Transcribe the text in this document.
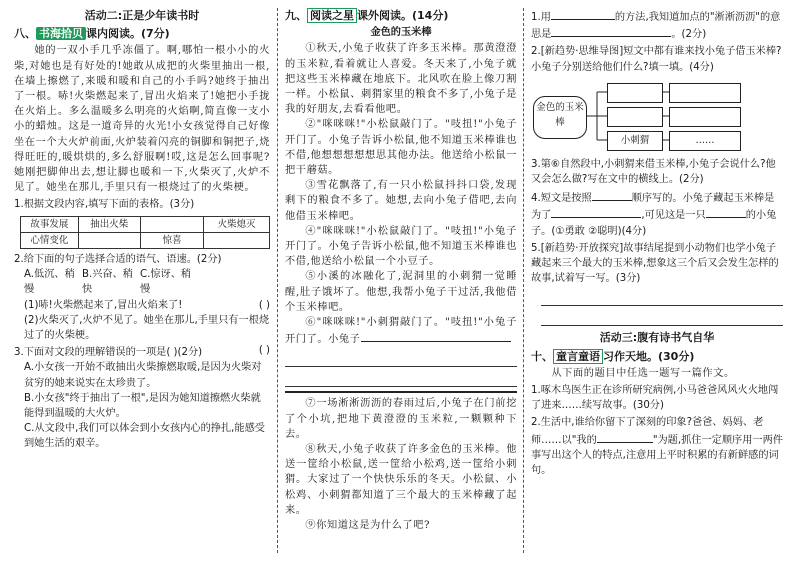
活动二:正是少年读书时
八、 书海拾贝 课内阅读。(7分)

她的一双小手几乎冻僵了。啊,哪怕一根小小的火柴,对她也是有好处的!她敢从成把的火柴里抽出一根,在墙上擦燃了,来暖和暖和自己的小手吗?她终于抽出了一根。哧!火柴燃起来了,冒出火焰来了!她把小手拢在火焰上。多么温暖多么明亮的火焰啊,简直像一支小小的蜡烛。这是一道奇异的火光!小女孩觉得自己好像坐在一个大火炉前面,火炉装着闪亮的铜脚和铜把子,烧得旺旺的,暖烘烘的,多么舒服啊!哎,这是怎么回事呢?她刚把脚伸出去,想让脚也暖和一下,火柴灭了,火炉不见了。她坐在那儿,手里只有一根烧过了的火柴梗。

1.根据文段内容,填写下面的表格。(3分)

故事发展	抽出火柴		火柴熄灭
心情变化		惊喜	

2.给下面的句子选择合适的语气、语速。(2分)

A.低沉、稍慢B.兴奋、稍快C.惊讶、稍慢

(1)哧!火柴燃起来了,冒出火焰来了!	( )

(2)火柴灭了,火炉不见了。她坐在那儿,手里只有一根烧过了的火柴梗。
( )

3.下面对文段的理解错误的一项是( )(2分)

A.小女孩一开始不敢抽出火柴擦燃取暖,是因为火柴对贫穷的她来说实在太珍贵了。

B.小女孩"终于抽出了一根",是因为她知道擦燃火柴就能得到温暖的大火炉。

C.从文段中,我们可以体会到小女孩内心的挣扎,能感受到她生活的艰辛。

九、 阅读之星 课外阅读。(14分)
金色的玉米棒

①秋天,小兔子收获了许多玉米棒。那黄澄澄的玉米粒,看着就让人喜爱。冬天来了,小兔子就把这些玉米棒藏在地底下。北风吹在脸上像刀割一样。小松鼠、刺猬家里的粮食不多了,小兔子是我的好朋友,去看看他吧。

②"咪咪咪!"小松鼠敲门了。"吱扭!"小兔子开门了。小兔子告诉小松鼠,他不知道玉米棒谁也不借,他想想想想想思其他办法。他送给小松鼠一把干蘑菇。

③雪花飘落了,有一只小松鼠抖抖口袋,发现剩下的粮食不多了。她想,去向小兔子借吧,去向他借玉米棒吧。

④"咪咪咪!"小松鼠敲门了。"吱扭!"小兔子开门了。小兔子告诉小松鼠,他不知道玉米棒谁也不借,他送给小松鼠一个小豆子。

⑤小溪的冰融化了,泥洞里的小刺猬一觉睡醒,肚子饿坏了。他想,我帮小兔子干过活,我他借个玉米棒吧。

⑥"咪咪咪!"小刺猬敲门了。"吱扭!"小兔子开门了。小兔子

⑦一场淅淅沥沥的春雨过后,小兔子在门前挖了个小坑,把地下黄澄澄的玉米粒,一颗颗种下去。

⑧秋天,小兔子收获了许多金色的玉米棒。他送一筐给小松鼠,送一筐给小松鸡,送一筐给小刺猬。大家过了一个快快乐乐的冬天。小松鼠、小松鸡、小刺猬都知道了三个最大的玉米棒藏了起来。

⑨你知道这是为什么了吧?

1.用	的方法,我知道加点的"淅淅沥沥"的意思是	。(2分)

2.[新趋势·思维导图]短文中都有谁来找小兔子借玉米棒?小兔子分别送给他们什么?填一填。(4分)

金色的玉米棒
小刺猬	……

3.第⑥自然段中,小刺猬来借玉米棒,小兔子会说什么?他又会怎么做?写在文中的横线上。(2分)

4.短文是按照	顺序写的。小兔子藏起玉米棒是为了	,可见这是一只	的小兔子。(①勇敢 ②聪明)(4分)

5.[新趋势·开放探究]故事结尾提到小动物们也学小兔子藏起来三个最大的玉米棒,想象这三个后又会发生怎样的故事,试着写一写。(3分)

活动三:腹有诗书气自华
十、 童言童语 习作天地。(30分)

从下面的题目中任选一题写一篇作文。

1.啄木鸟医生正在诊所研究病例,小马爸爸风风火火地闯了进来……续写故事。(30分)

2.生活中,谁给你留下了深刻的印象?爸爸、妈妈、老师……以"我的	"为题,抓住一定顺序用一两件事写出这个人的特点,注意用上平时积累的有新鲜感的词句。
